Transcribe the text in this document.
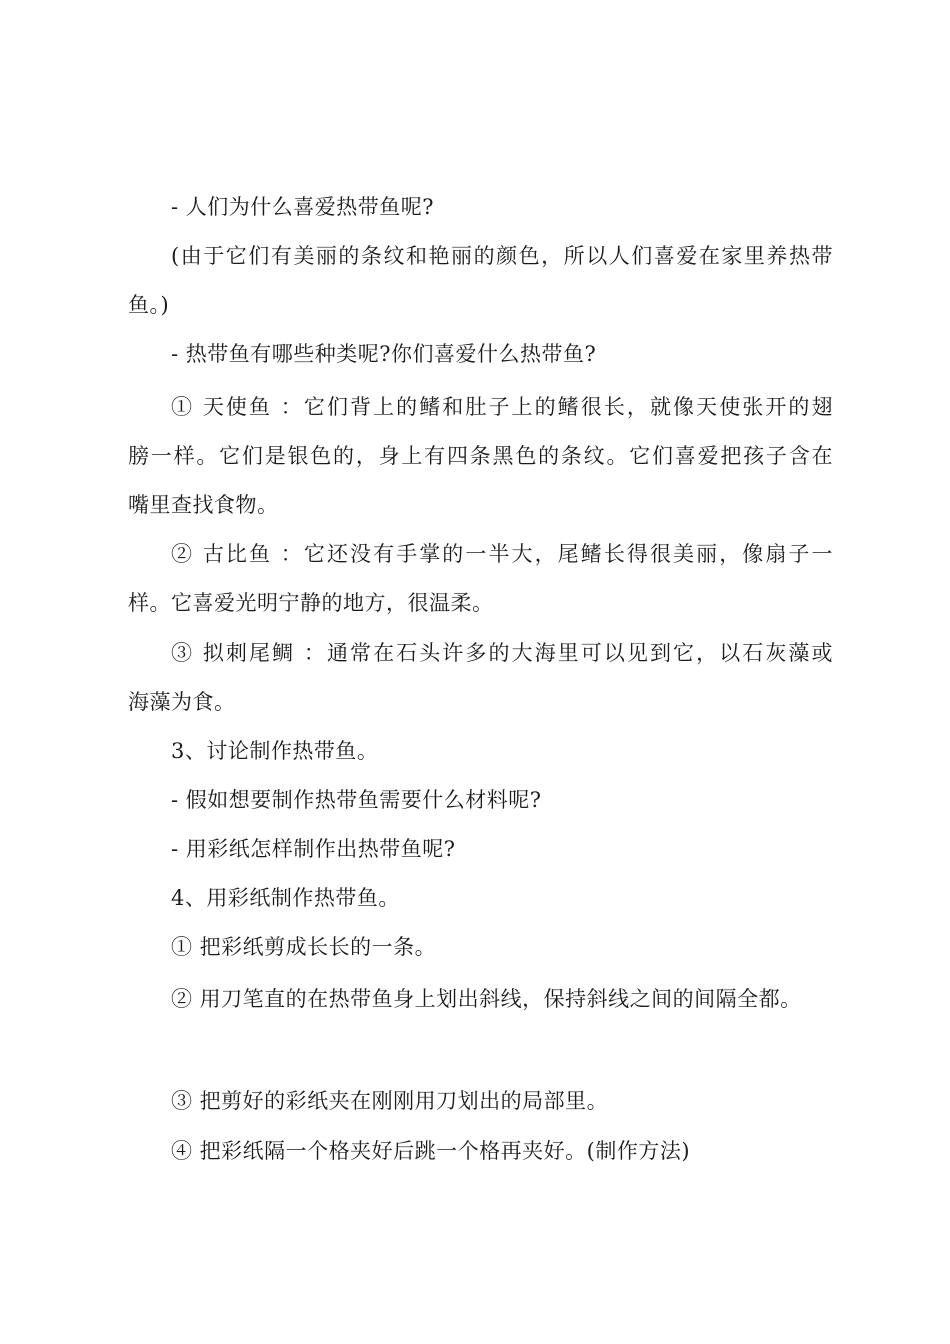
- 人们为什么喜爱热带鱼呢?
(由于它们有美丽的条纹和艳丽的颜色，所以人们喜爱在家里养热带
鱼。)
- 热带鱼有哪些种类呢?你们喜爱什么热带鱼?
① 天使鱼 ：它们背上的鳍和肚子上的鳍很长，就像天使张开的翅
膀一样。它们是银色的，身上有四条黑色的条纹。它们喜爱把孩子含在
嘴里查找食物。
② 古比鱼 ：它还没有手掌的一半大，尾鳍长得很美丽，像扇子一
样。它喜爱光明宁静的地方，很温柔。
③ 拟刺尾鲷 ：通常在石头许多的大海里可以见到它，以石灰藻或
海藻为食。
3、讨论制作热带鱼。
- 假如想要制作热带鱼需要什么材料呢?
- 用彩纸怎样制作出热带鱼呢?
4、用彩纸制作热带鱼。
① 把彩纸剪成长长的一条。
② 用刀笔直的在热带鱼身上划出斜线，保持斜线之间的间隔全都。
③ 把剪好的彩纸夹在刚刚用刀划出的局部里。
④ 把彩纸隔一个格夹好后跳一个格再夹好。(制作方法)
